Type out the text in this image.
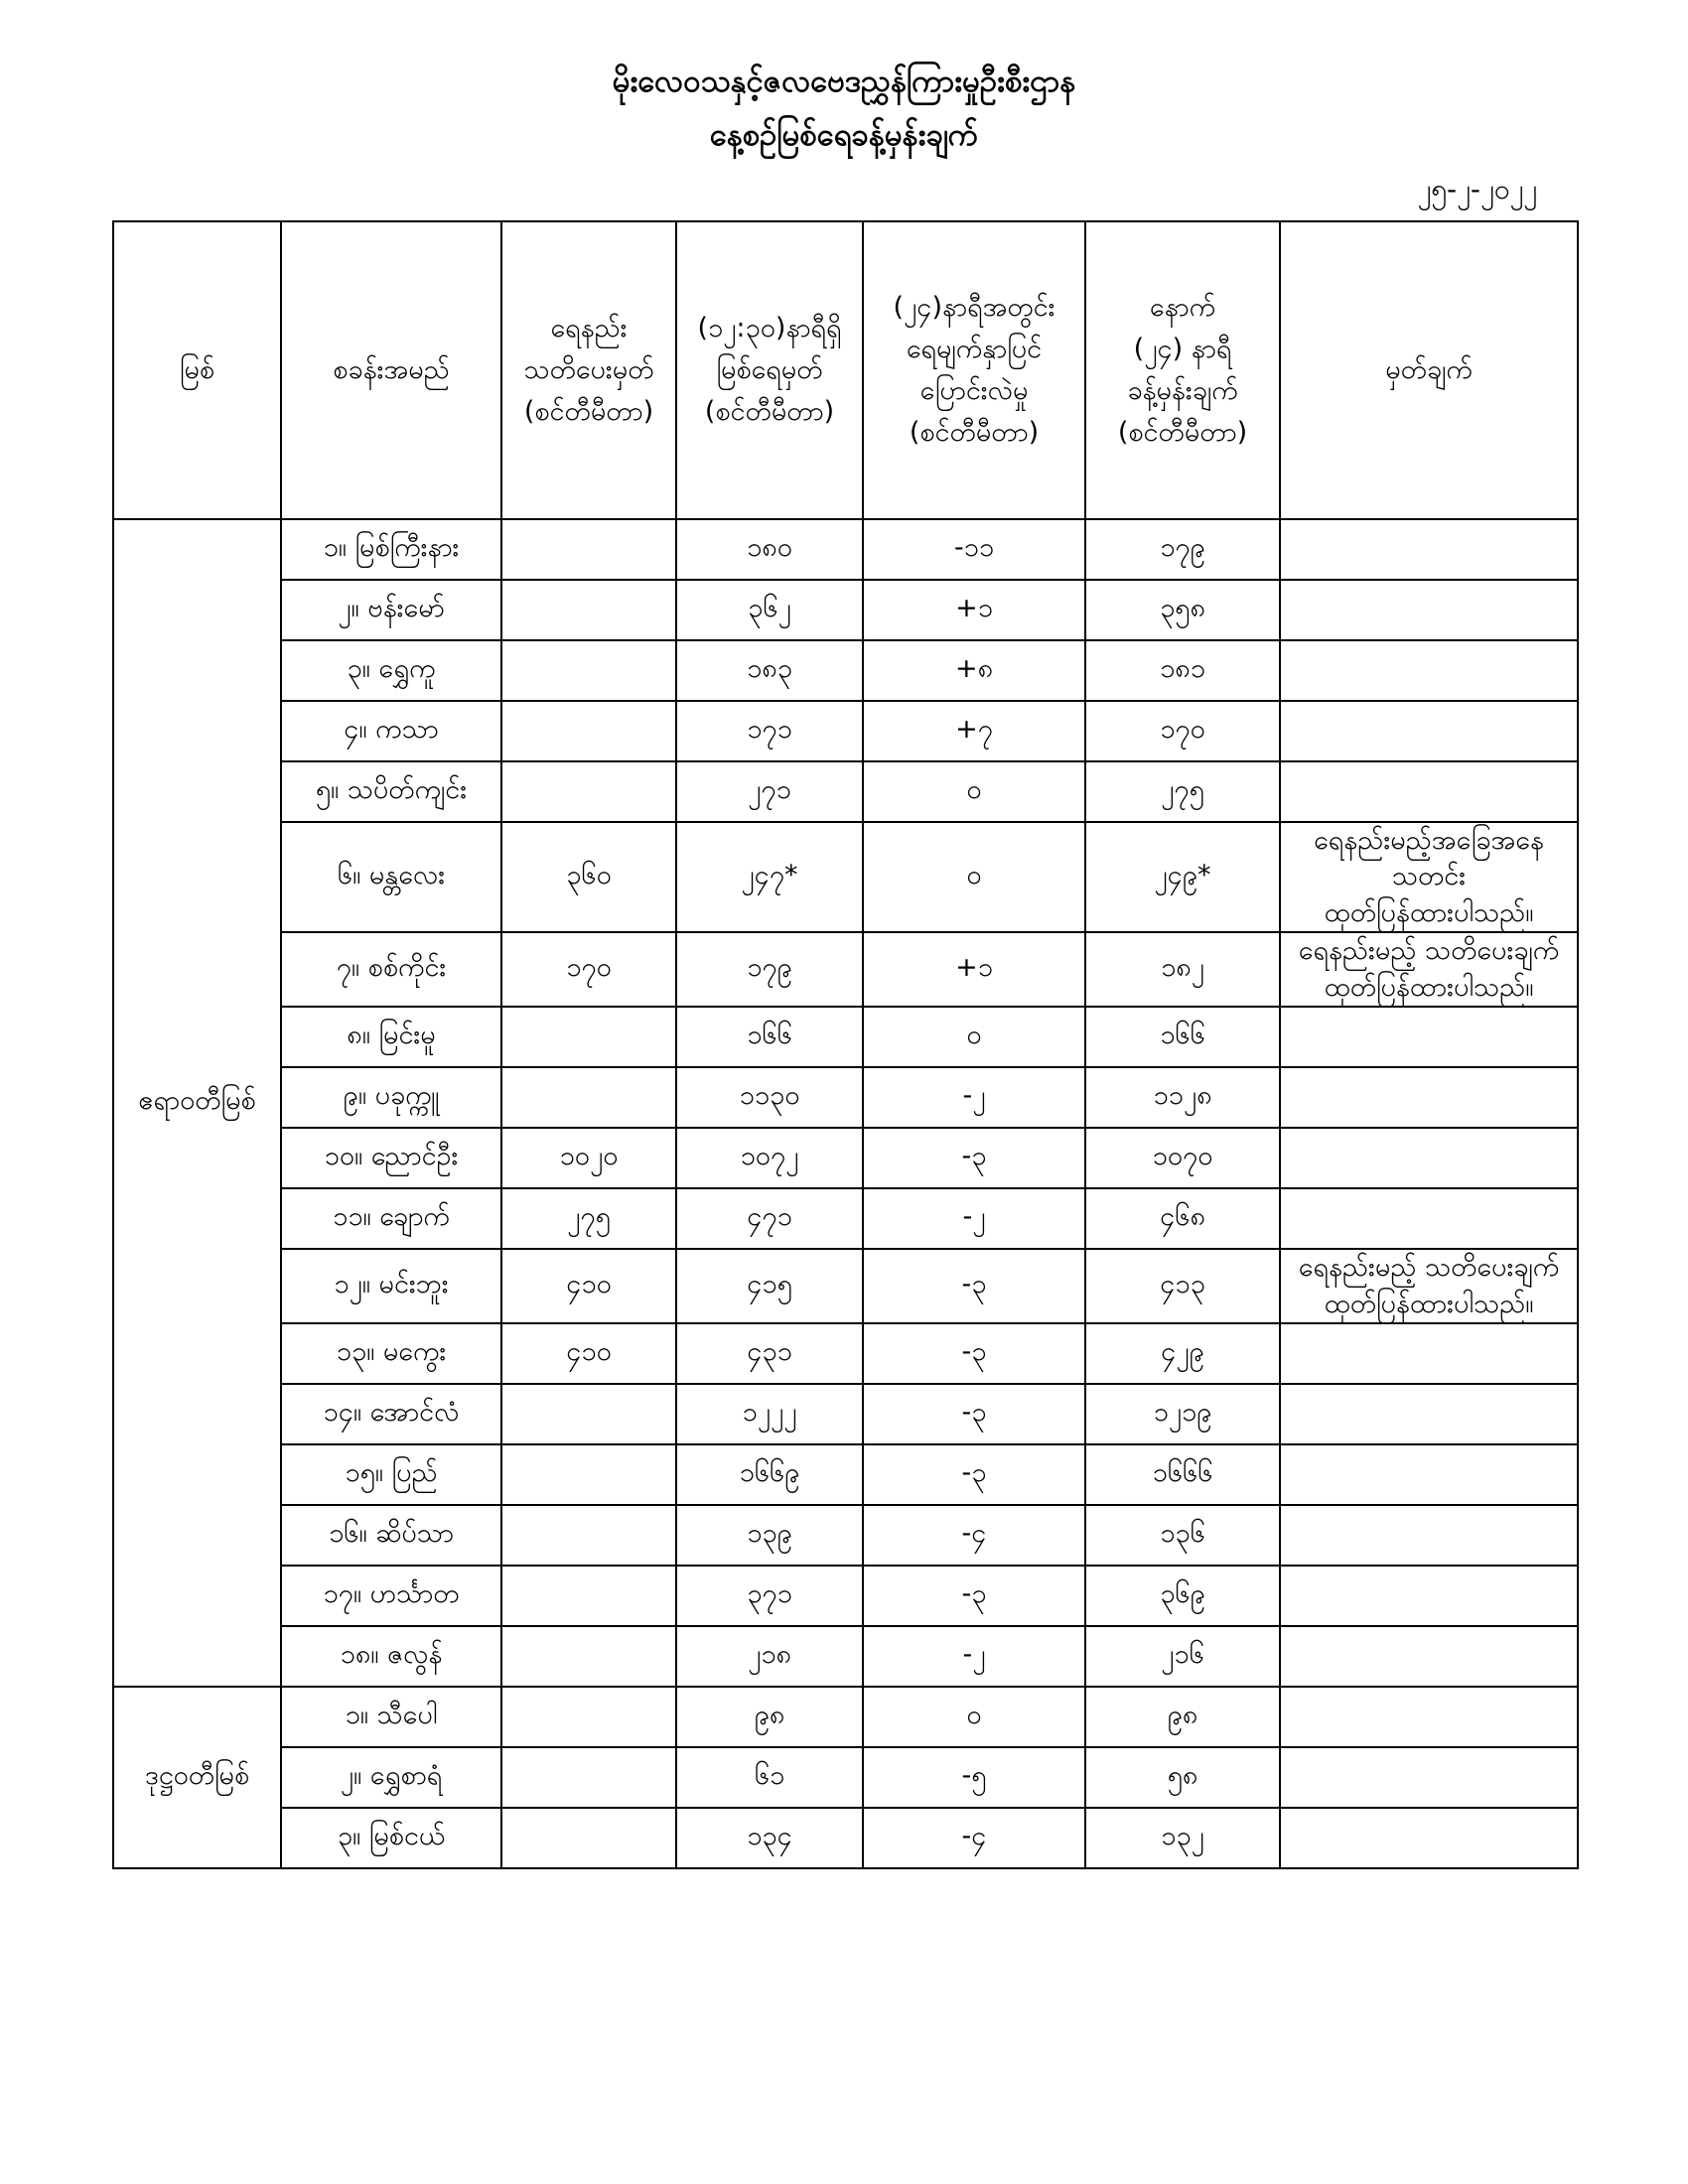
မိုးလေဝသနှင့်ဇလဗေဒညွှန်ကြားမှုဦးစီးဌာန
နေ့စဉ်မြစ်ရေခန့်မှန်းချက်
၂၅-၂-၂၀၂၂
မြစ်	စခန်းအမည်	ရေနည်း
သတိပေးမှတ်
(စင်တီမီတာ)	(၁၂:၃၀)နာရီရှိ
မြစ်ရေမှတ်
(စင်တီမီတာ)	(၂၄)နာရီအတွင်း
ရေမျက်နှာပြင်
ပြောင်းလဲမှု
(စင်တီမီတာ)	နောက်
(၂၄) နာရီ
ခန့်မှန်းချက်
(စင်တီမီတာ)	မှတ်ချက်
ဧရာဝတီမြစ်	၁။ မြစ်ကြီးနား		၁၈၀	-၁၁	၁၇၉	
	၂။ ဗန်းမော်		၃၆၂	+၁	၃၅၈	
	၃။ ရွှေကူ		၁၈၃	+၈	၁၈၁	
	၄။ ကသာ		၁၇၁	+၇	၁၇၀	
	၅။ သပိတ်ကျင်း		၂၇၁	၀	၂၇၅	
	၆။ မန္တလေး	၃၆၀	၂၄၇*	၀	၂၄၉*	ရေနည်းမည့်အခြေအနေသတင်း
ထုတ်ပြန်ထားပါသည်။
	၇။ စစ်ကိုင်း	၁၇၀	၁၇၉	+၁	၁၈၂	ရေနည်းမည့် သတိပေးချက်
ထုတ်ပြန်ထားပါသည်။
	၈။ မြင်းမူ		၁၆၆	၀	၁၆၆	
	၉။ ပခုက္ကူ		၁၁၃၀	-၂	၁၁၂၈	
	၁၀။ ညောင်ဦး	၁၀၂၀	၁၀၇၂	-၃	၁၀၇၀	
	၁၁။ ချောက်	၂၇၅	၄၇၁	-၂	၄၆၈	
	၁၂။ မင်းဘူး	၄၁၀	၄၁၅	-၃	၄၁၃	ရေနည်းမည့် သတိပေးချက်
ထုတ်ပြန်ထားပါသည်။
	၁၃။ မကွေး	၄၁၀	၄၃၁	-၃	၄၂၉	
	၁၄။ အောင်လံ		၁၂၂၂	-၃	၁၂၁၉	
	၁၅။ ပြည်		၁၆၆၉	-၃	၁၆၆၆	
	၁၆။ ဆိပ်သာ		၁၃၉	-၄	၁၃၆	
	၁၇။ ဟင်္သာတ		၃၇၁	-၃	၃၆၉	
	၁၈။ ဇလွန်		၂၁၈	-၂	၂၁၆	
ဒုဋ္ဌဝတီမြစ်	၁။ သီပေါ		၉၈	၀	၉၈	
	၂။ ရွှေစာရံ		၆၁	-၅	၅၈	
	၃။ မြစ်ငယ်		၁၃၄	-၄	၁၃၂	
